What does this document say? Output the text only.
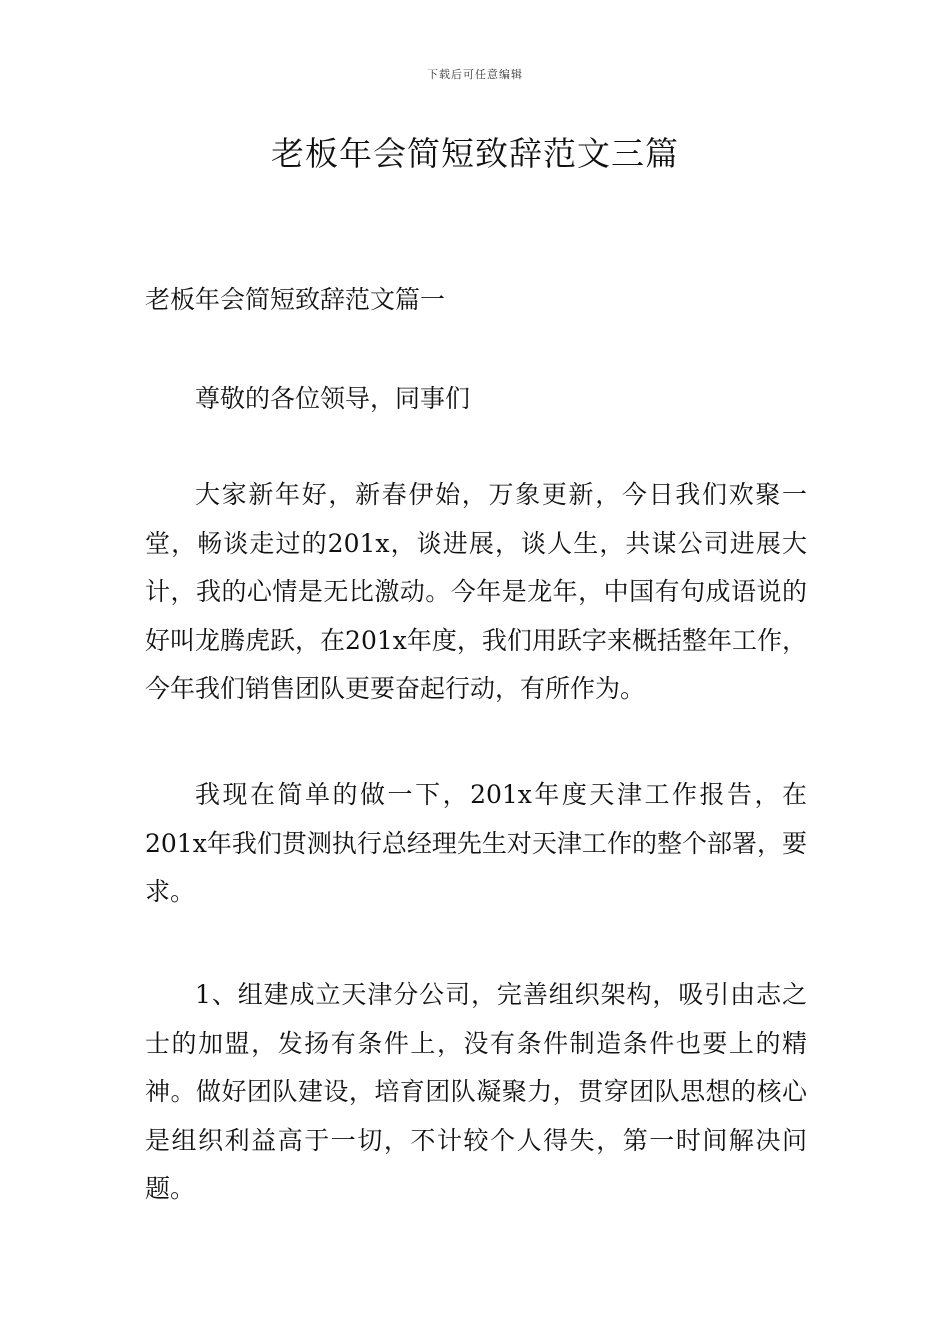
下载后可任意编辑
老板年会简短致辞范文三篇
老板年会简短致辞范文篇一

尊敬的各位领导，同事们

大家新年好，新春伊始，万象更新，今日我们欢聚一堂，畅谈走过的201x，谈进展，谈人生，共谋公司进展大计，我的心情是无比激动。今年是龙年，中国有句成语说的好叫龙腾虎跃，在201x年度，我们用跃字来概括整年工作，今年我们销售团队更要奋起行动，有所作为。

我现在简单的做一下，201x年度天津工作报告，在201x年我们贯测执行总经理先生对天津工作的整个部署，要求。

1、组建成立天津分公司，完善组织架构，吸引由志之士的加盟，发扬有条件上，没有条件制造条件也要上的精神。做好团队建设，培育团队凝聚力，贯穿团队思想的核心是组织利益高于一切，不计较个人得失，第一时间解决问题。
